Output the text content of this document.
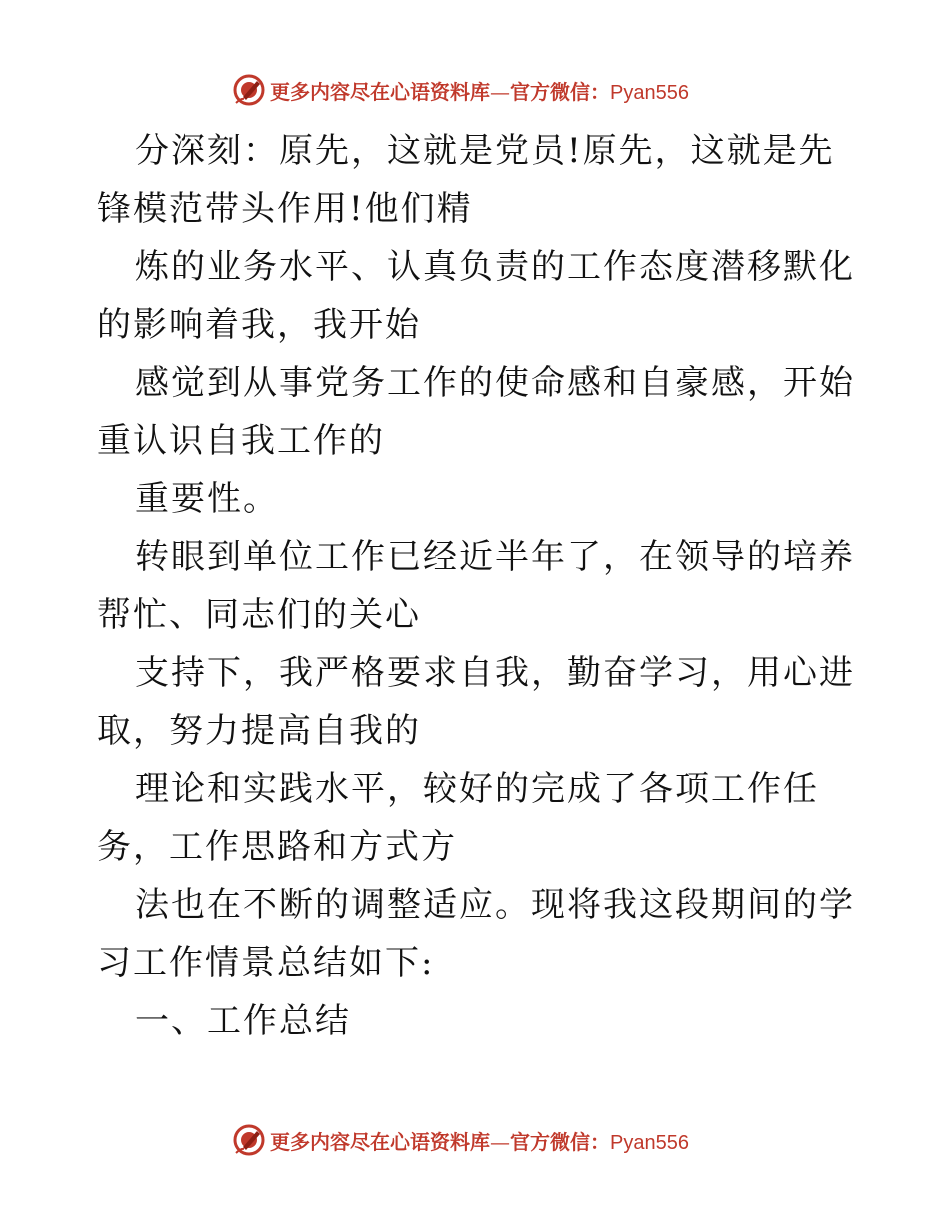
更多内容尽在心语资料库—官方微信：Pyan556

分深刻：原先，这就是党员!原先，这就是先锋模范带头作用!他们精

炼的业务水平、认真负责的工作态度潜移默化的影响着我，我开始

感觉到从事党务工作的使命感和自豪感，开始重认识自我工作的

重要性。

转眼到单位工作已经近半年了，在领导的培养帮忙、同志们的关心

支持下，我严格要求自我，勤奋学习，用心进取，努力提高自我的

理论和实践水平，较好的完成了各项工作任务，工作思路和方式方

法也在不断的调整适应。现将我这段期间的学习工作情景总结如下:

一、工作总结

更多内容尽在心语资料库—官方微信：Pyan556
